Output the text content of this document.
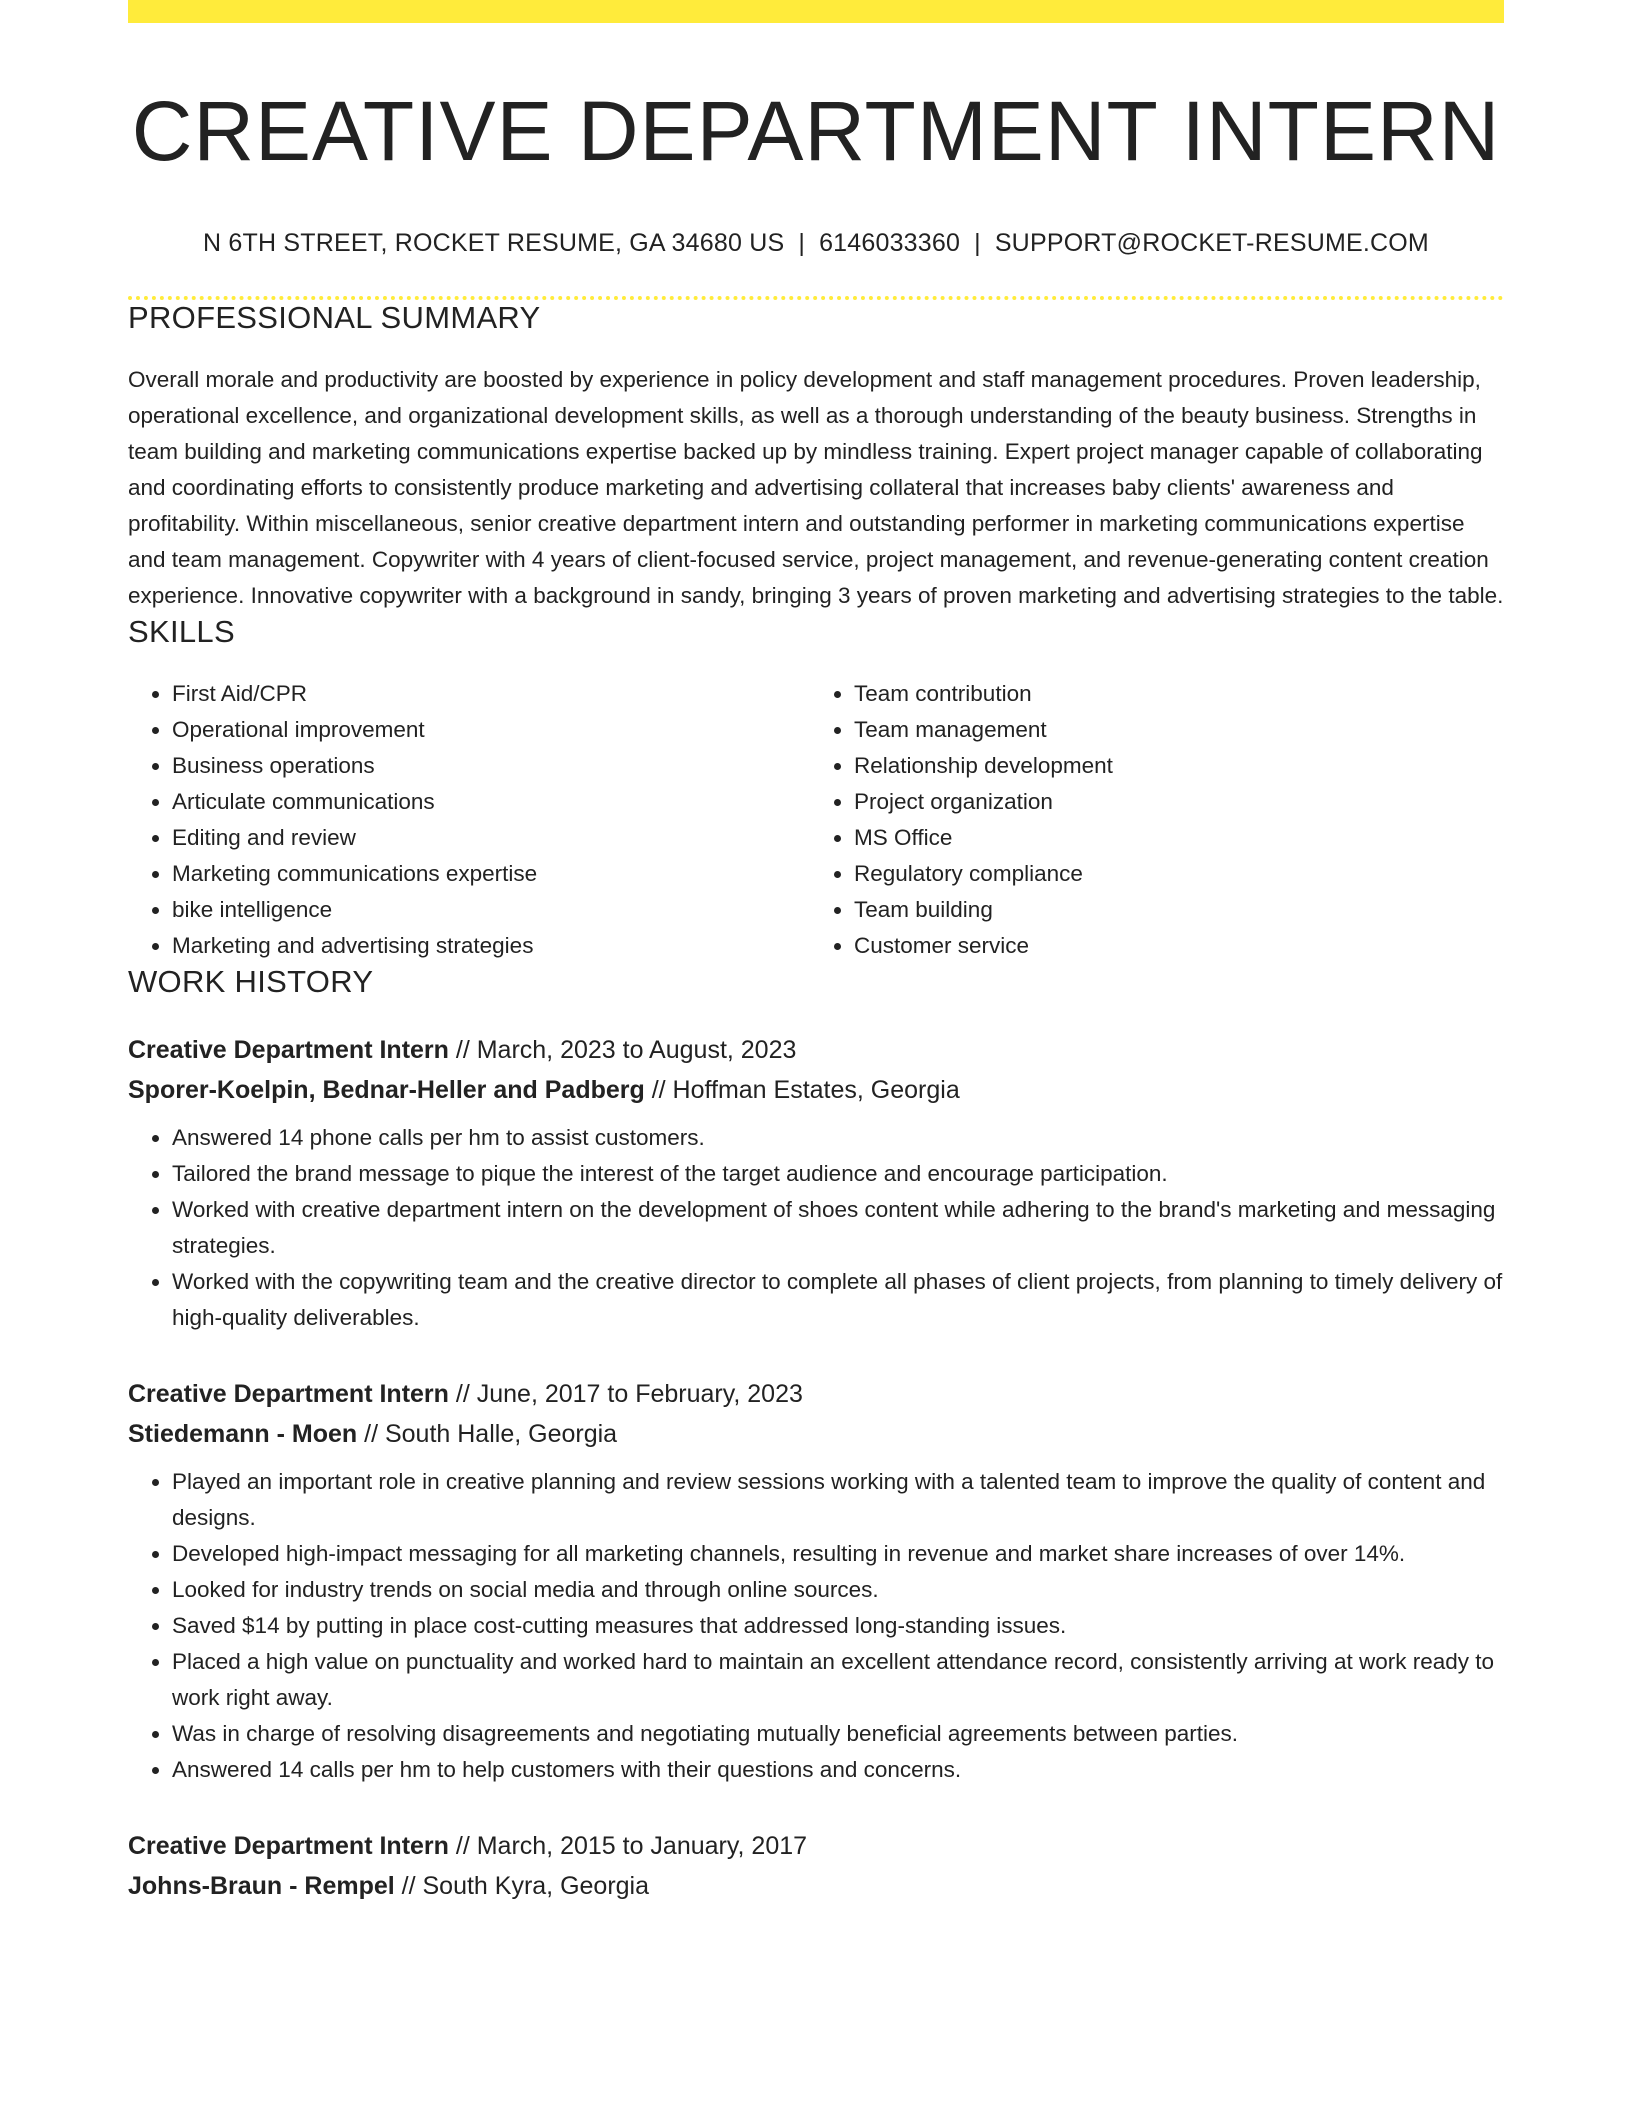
CREATIVE DEPARTMENT INTERN
N 6TH STREET, ROCKET RESUME, GA 34680 US | 6146033360 | SUPPORT@ROCKET-RESUME.COM
PROFESSIONAL SUMMARY

Overall morale and productivity are boosted by experience in policy development and staff management procedures. Proven leadership, operational excellence, and organizational development skills, as well as a thorough understanding of the beauty business. Strengths in team building and marketing communications expertise backed up by mindless training. Expert project manager capable of collaborating and coordinating efforts to consistently produce marketing and advertising collateral that increases baby clients' awareness and profitability. Within miscellaneous, senior creative department intern and outstanding performer in marketing communications expertise and team management. Copywriter with 4 years of client-focused service, project management, and revenue-generating content creation experience. Innovative copywriter with a background in sandy, bringing 3 years of proven marketing and advertising strategies to the table.

SKILLS
• First Aid/CPR
• Operational improvement
• Business operations
• Articulate communications
• Editing and review
• Marketing communications expertise
• bike intelligence
• Marketing and advertising strategies
• Team contribution
• Team management
• Relationship development
• Project organization
• MS Office
• Regulatory compliance
• Team building
• Customer service
WORK HISTORY
Creative Department Intern // March, 2023 to August, 2023
Sporer-Koelpin, Bednar-Heller and Padberg // Hoffman Estates, Georgia
• Answered 14 phone calls per hm to assist customers.
• Tailored the brand message to pique the interest of the target audience and encourage participation.
• Worked with creative department intern on the development of shoes content while adhering to the brand's marketing and messaging strategies.
• Worked with the copywriting team and the creative director to complete all phases of client projects, from planning to timely delivery of high-quality deliverables.
Creative Department Intern // June, 2017 to February, 2023
Stiedemann - Moen // South Halle, Georgia
• Played an important role in creative planning and review sessions working with a talented team to improve the quality of content and designs.
• Developed high-impact messaging for all marketing channels, resulting in revenue and market share increases of over 14%.
• Looked for industry trends on social media and through online sources.
• Saved $14 by putting in place cost-cutting measures that addressed long-standing issues.
• Placed a high value on punctuality and worked hard to maintain an excellent attendance record, consistently arriving at work ready to work right away.
• Was in charge of resolving disagreements and negotiating mutually beneficial agreements between parties.
• Answered 14 calls per hm to help customers with their questions and concerns.
Creative Department Intern // March, 2015 to January, 2017
Johns-Braun - Rempel // South Kyra, Georgia
